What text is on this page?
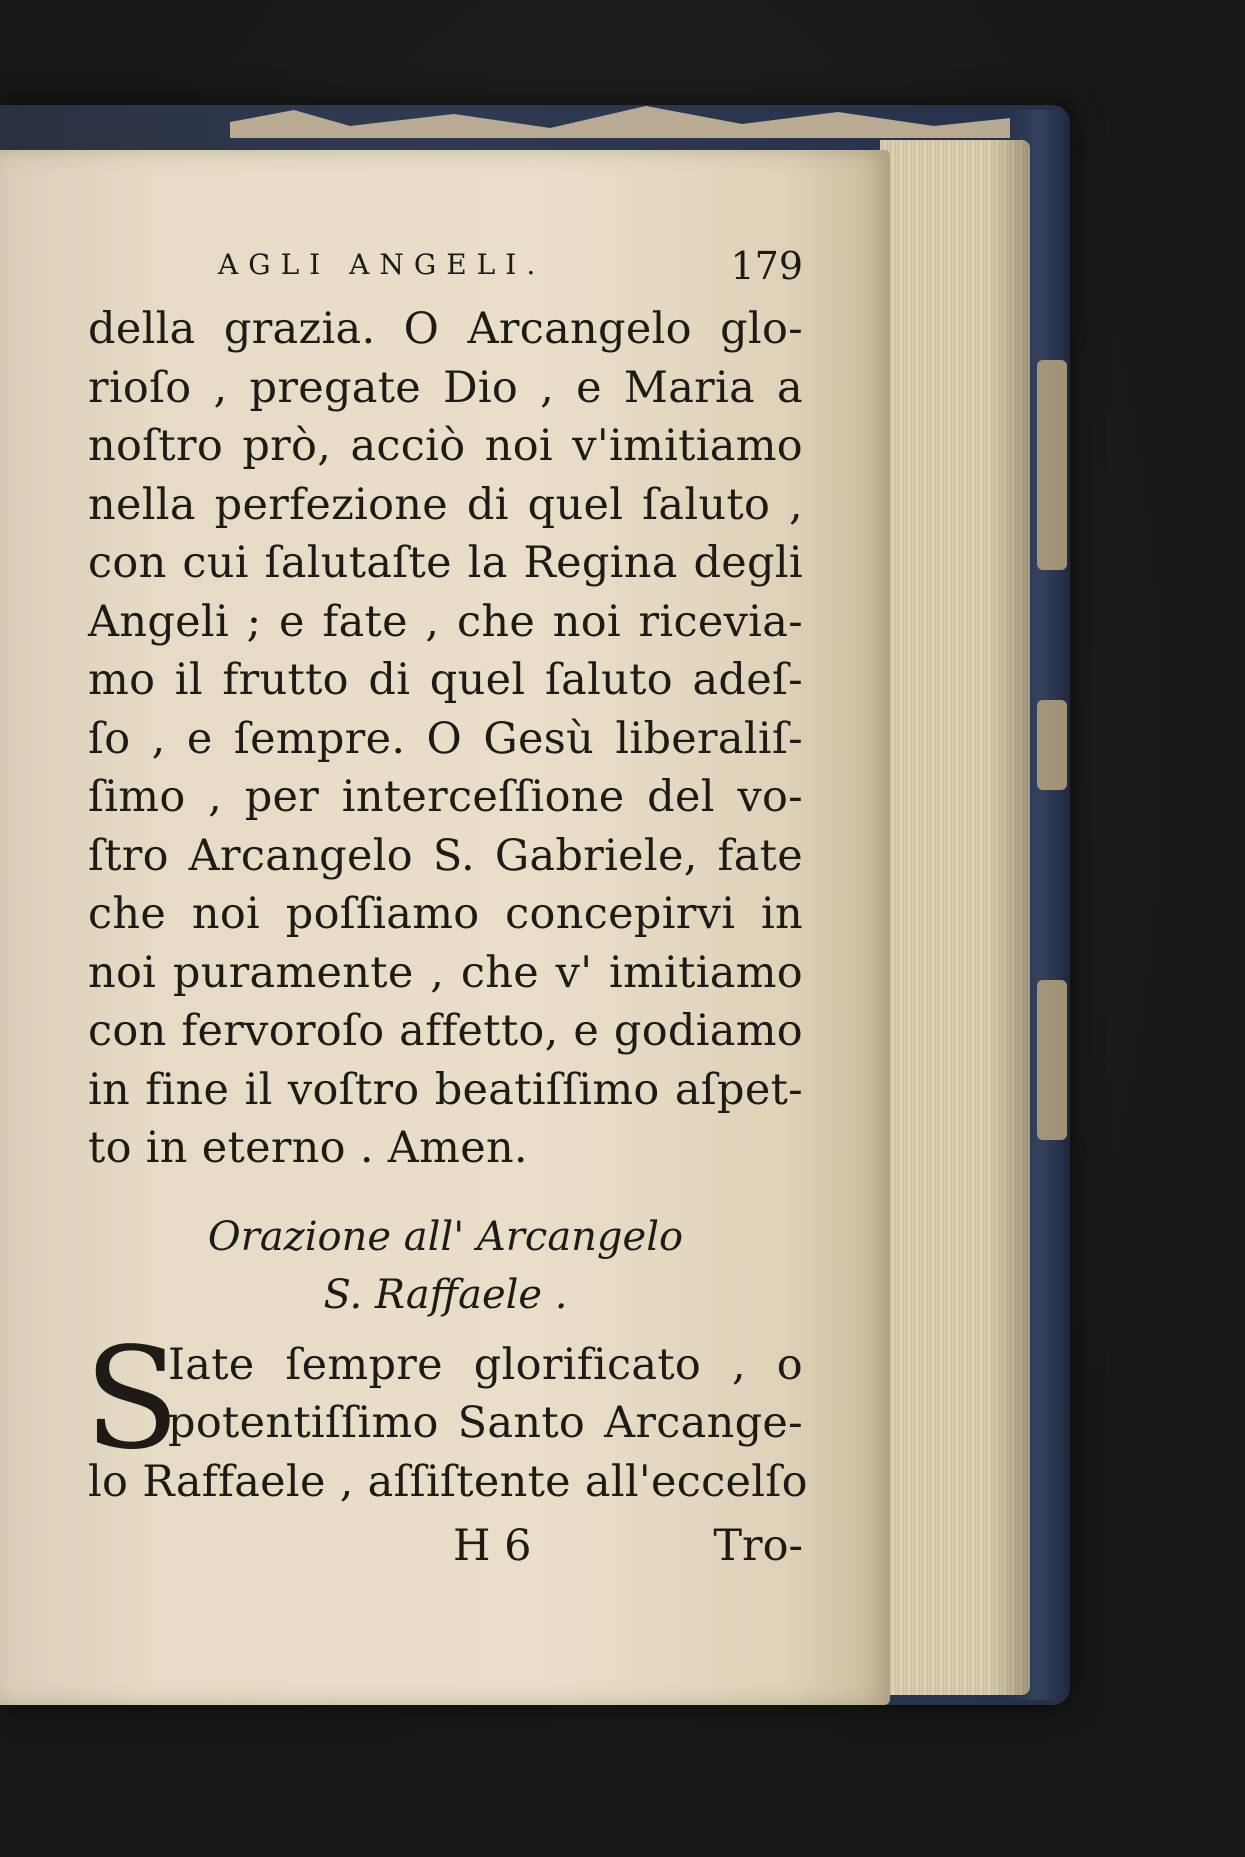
AGLI ANGELI.	179
della grazia. O Arcangelo glo-
rioſo , pregate Dio , e Maria a
noſtro prò, acciò noi v'imitiamo
nella perfezione di quel ſaluto ,
con cui ſalutaſte la Regina degli
Angeli ; e fate , che noi ricevia-
mo il frutto di quel ſaluto adeſ-
ſo , e ſempre. O Gesù liberaliſ-
ſimo , per interceſſione del vo-
ſtro Arcangelo S. Gabriele, fate
che noi poſſiamo concepirvi in
noi puramente , che v' imitiamo
con fervoroſo affetto, e godiamo
in fine il voſtro beatiſſimo aſpet-
to in eterno . Amen.
Orazione all' Arcangelo
S. Raffaele .
S
Iate ſempre glorificato , o
potentiſſimo Santo Arcange-
lo Raffaele , aſſiſtente all'eccelſo
H 6	Tro-
